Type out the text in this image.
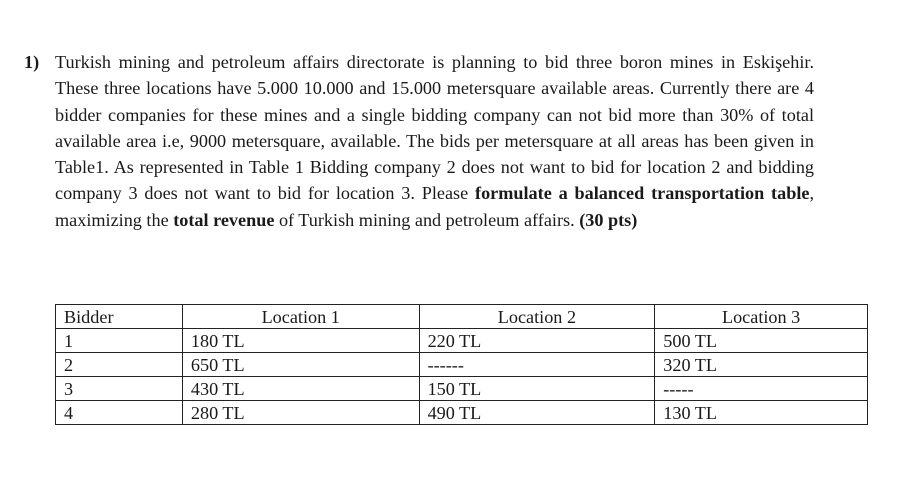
1) Turkish mining and petroleum affairs directorate is planning to bid three boron mines in Eskişehir. These three locations have 5.000 10.000 and 15.000 metersquare available areas. Currently there are 4 bidder companies for these mines and a single bidding company can not bid more than 30% of total available area i.e, 9000 metersquare, available. The bids per metersquare at all areas has been given in Table1. As represented in Table 1 Bidding company 2 does not want to bid for location 2 and bidding company 3 does not want to bid for location 3. Please formulate a balanced transportation table, maximizing the total revenue of Turkish mining and petroleum affairs. (30 pts)
Bidder	Location 1	Location 2	Location 3
1	180 TL	220 TL	500 TL
2	650 TL	------	320 TL
3	430 TL	150 TL	-----
4	280 TL	490 TL	130 TL
